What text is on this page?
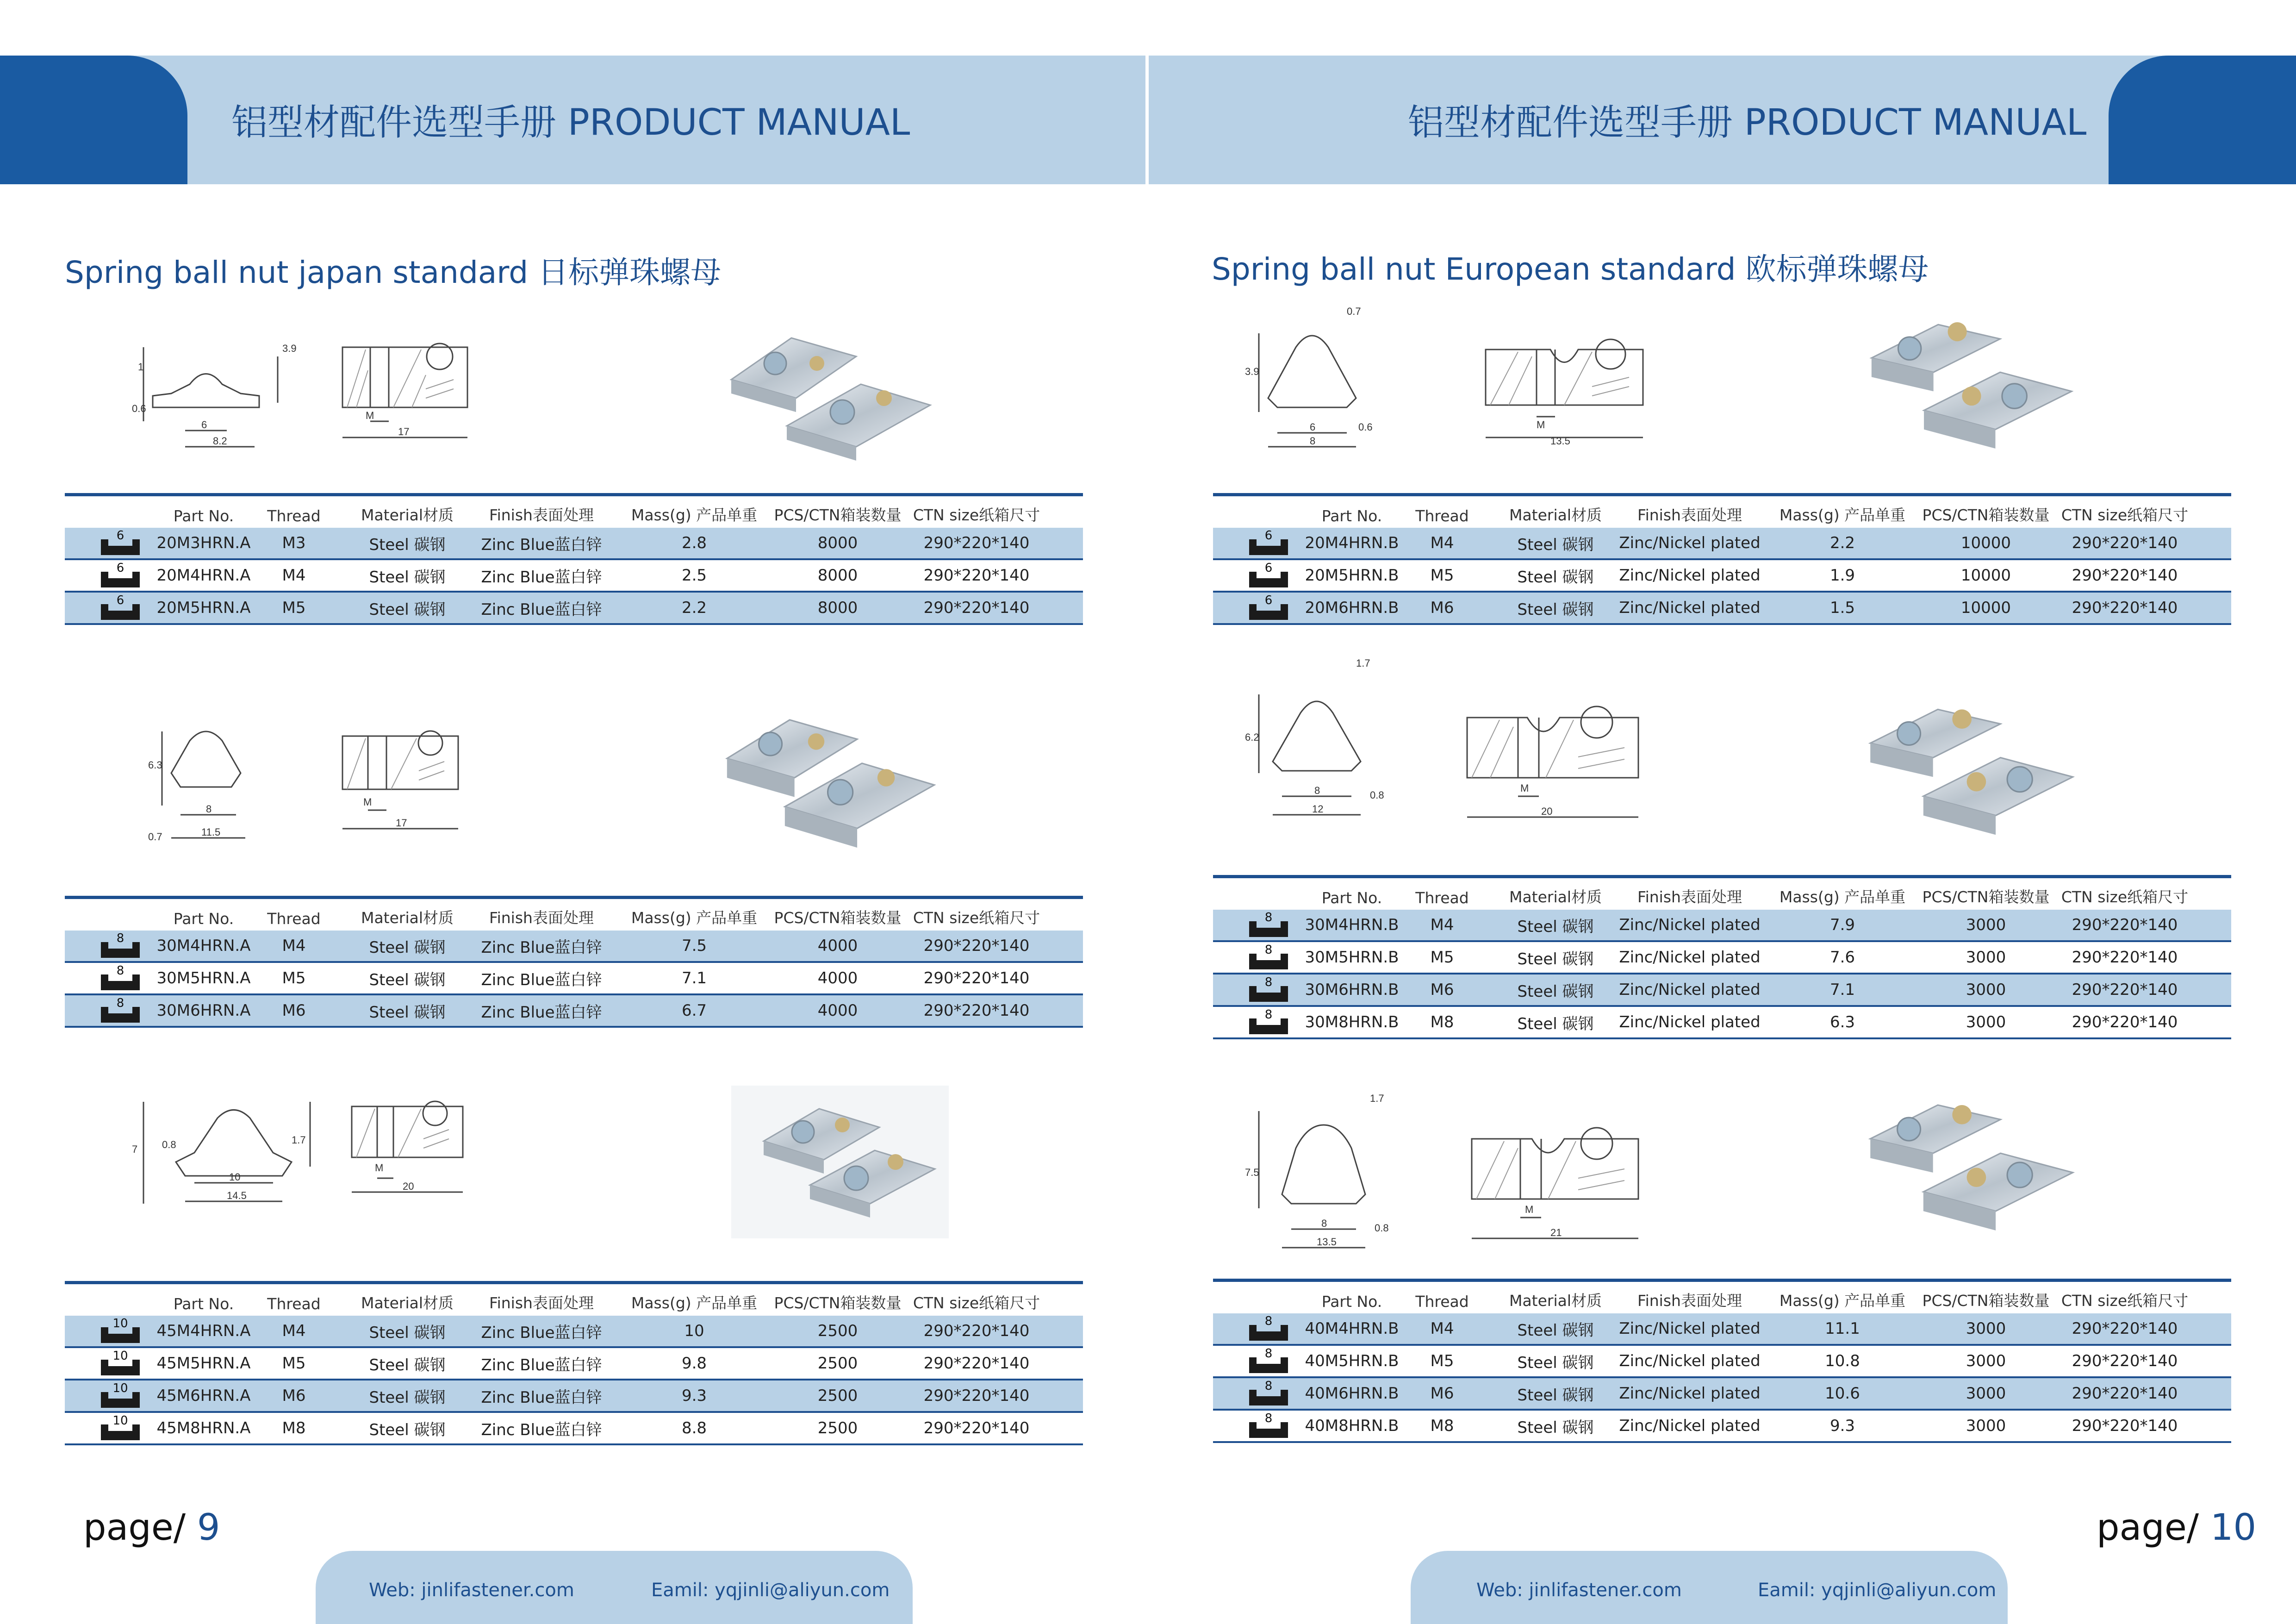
铝型材配件选型手册 PRODUCT MANUAL	铝型材配件选型手册 PRODUCT MANUAL
Spring ball nut japan standard 日标弹珠螺母	Spring ball nut European standard 欧标弹珠螺母
3.9
1
0.6
6
8.2
M
17
6.3
0.7
8
11.5
M
17
7 0.8	1.7
10
14.5
M
20
0.7
3.9
6
8
0.6	M
13.5
1.7
6.2
8
12
0.8
M
20
1.7
7.5
8
13.5
0.8
M
21
Part No.	Thread	Material材质	Finish表面处理	Mass(g) 产品单重	PCS/CTN箱装数量 CTN size纸箱尺寸
6	20M3HRN.A	M3	Steel 碳钢	Zinc Blue蓝白锌	2.8	8000	290*220*140
6	20M4HRN.A	M4	Steel 碳钢	Zinc Blue蓝白锌	2.5	8000	290*220*140
6	20M5HRN.A	M5	Steel 碳钢	Zinc Blue蓝白锌	2.2	8000	290*220*140
Part No.	Thread	Material材质	Finish表面处理	Mass(g) 产品单重	PCS/CTN箱装数量 CTN size纸箱尺寸
8	30M4HRN.A	M4	Steel 碳钢	Zinc Blue蓝白锌	7.5	4000	290*220*140
8	30M5HRN.A	M5	Steel 碳钢	Zinc Blue蓝白锌	7.1	4000	290*220*140
8	30M6HRN.A	M6	Steel 碳钢	Zinc Blue蓝白锌	6.7	4000	290*220*140
Part No.	Thread	Material材质	Finish表面处理	Mass(g) 产品单重	PCS/CTN箱装数量 CTN size纸箱尺寸
10	45M4HRN.A	M4	Steel 碳钢	Zinc Blue蓝白锌	10	2500	290*220*140
10	45M5HRN.A	M5	Steel 碳钢	Zinc Blue蓝白锌	9.8	2500	290*220*140
10	45M6HRN.A	M6	Steel 碳钢	Zinc Blue蓝白锌	9.3	2500	290*220*140
10	45M8HRN.A	M8	Steel 碳钢	Zinc Blue蓝白锌	8.8	2500	290*220*140
Part No.	Thread	Material材质	Finish表面处理	Mass(g) 产品单重	PCS/CTN箱装数量 CTN size纸箱尺寸
6	20M4HRN.B	M4	Steel 碳钢	Zinc/Nickel plated	2.2	10000	290*220*140
6	20M5HRN.B	M5	Steel 碳钢	Zinc/Nickel plated	1.9	10000	290*220*140
6	20M6HRN.B	M6	Steel 碳钢	Zinc/Nickel plated	1.5	10000	290*220*140
Part No.	Thread	Material材质	Finish表面处理	Mass(g) 产品单重	PCS/CTN箱装数量 CTN size纸箱尺寸
8	30M4HRN.B	M4	Steel 碳钢	Zinc/Nickel plated	7.9	3000	290*220*140
8	30M5HRN.B	M5	Steel 碳钢	Zinc/Nickel plated	7.6	3000	290*220*140
8	30M6HRN.B	M6	Steel 碳钢	Zinc/Nickel plated	7.1	3000	290*220*140
8	30M8HRN.B	M8	Steel 碳钢	Zinc/Nickel plated	6.3	3000	290*220*140
Part No.	Thread	Material材质	Finish表面处理	Mass(g) 产品单重	PCS/CTN箱装数量 CTN size纸箱尺寸
8	40M4HRN.B	M4	Steel 碳钢	Zinc/Nickel plated	11.1	3000	290*220*140
8	40M5HRN.B	M5	Steel 碳钢	Zinc/Nickel plated	10.8	3000	290*220*140
8	40M6HRN.B	M6	Steel 碳钢	Zinc/Nickel plated	10.6	3000	290*220*140
8	40M8HRN.B	M8	Steel 碳钢	Zinc/Nickel plated	9.3	3000	290*220*140
page/ 9	page/ 10
Web: jinlifastener.com	Eamil: yqjinli@aliyun.com	Web: jinlifastener.com	Eamil: yqjinli@aliyun.com
